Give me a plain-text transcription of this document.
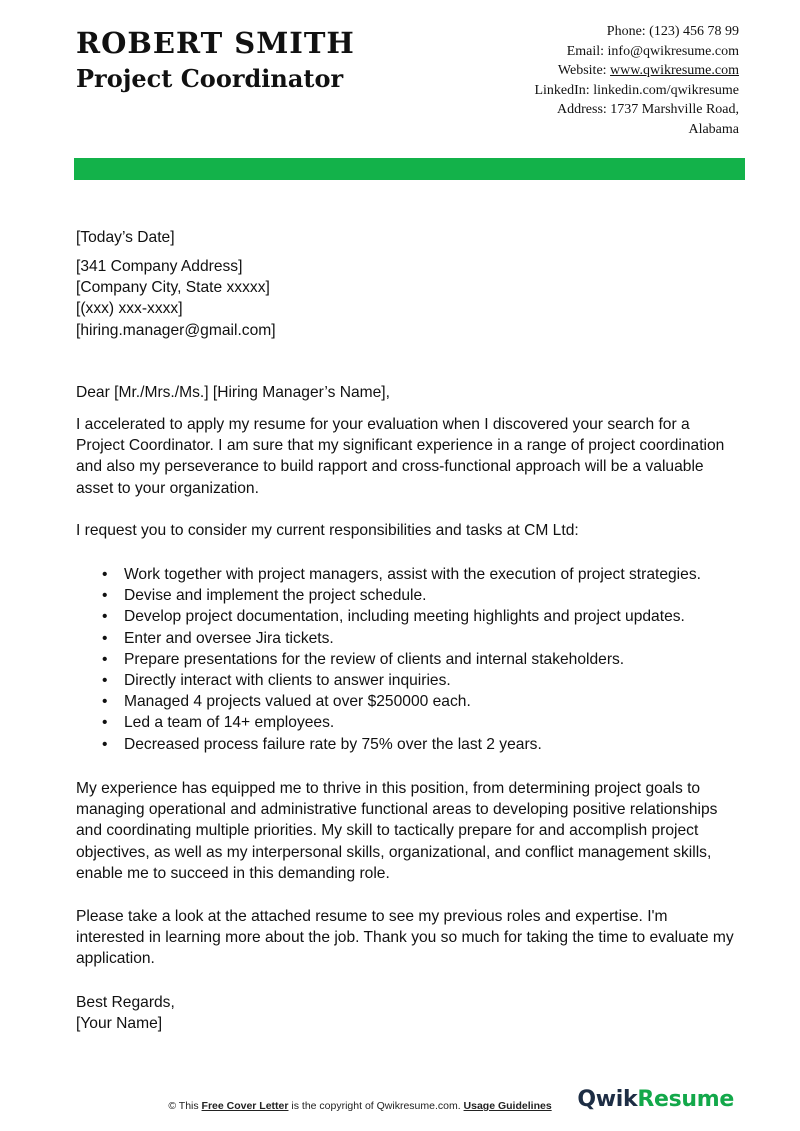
ROBERT SMITH
Project Coordinator
Phone: (123) 456 78 99
Email: info@qwikresume.com
Website: www.qwikresume.com
LinkedIn: linkedin.com/qwikresume
Address: 1737 Marshville Road,
Alabama
[Today’s Date]
[341 Company Address]
[Company City, State xxxxx]
[(xxx) xxx-xxxx]
[hiring.manager@gmail.com]
Dear [Mr./Mrs./Ms.] [Hiring Manager’s Name],

I accelerated to apply my resume for your evaluation when I discovered your search for a Project Coordinator. I am sure that my significant experience in a range of project coordination and also my perseverance to build rapport and cross-functional approach will be a valuable asset to your organization.

I request you to consider my current responsibilities and tasks at CM Ltd:

• Work together with project managers, assist with the execution of project strategies.
• Devise and implement the project schedule.
• Develop project documentation, including meeting highlights and project updates.
• Enter and oversee Jira tickets.
• Prepare presentations for the review of clients and internal stakeholders.
• Directly interact with clients to answer inquiries.
• Managed 4 projects valued at over $250000 each.
• Led a team of 14+ employees.
• Decreased process failure rate by 75% over the last 2 years.

My experience has equipped me to thrive in this position, from determining project goals to managing operational and administrative functional areas to developing positive relationships and coordinating multiple priorities. My skill to tactically prepare for and accomplish project objectives, as well as my interpersonal skills, organizational, and conflict management skills, enable me to succeed in this demanding role.

Please take a look at the attached resume to see my previous roles and expertise. I'm interested in learning more about the job. Thank you so much for taking the time to evaluate my application.

Best Regards,
[Your Name]
© This Free Cover Letter is the copyright of Qwikresume.com. Usage Guidelines	QwikResume
